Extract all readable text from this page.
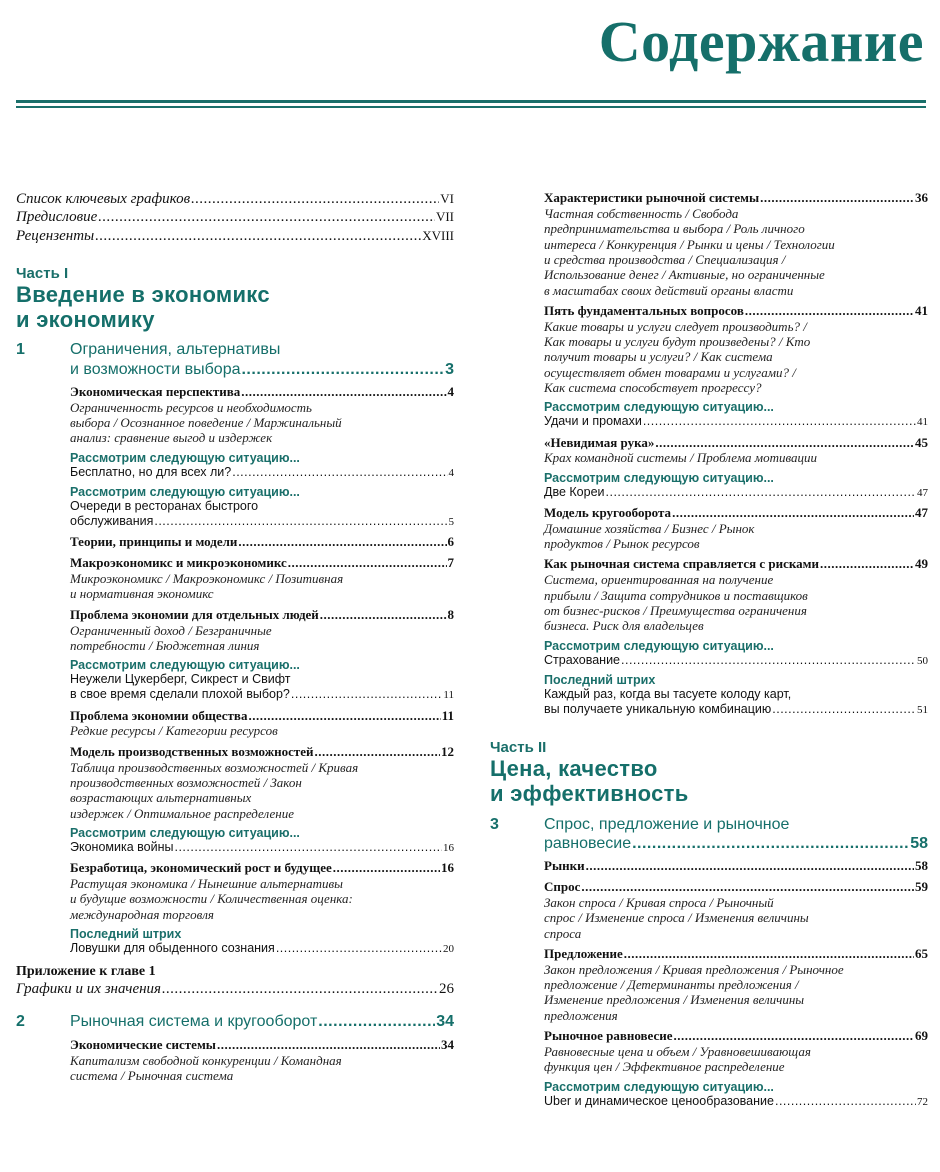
Содержание
Список ключевых графиков .....	VI
Предисловие .....	VII
Рецензенты .....	XVIII
Часть I
Введение в экономикс
и экономику
1	Ограничения, альтернативы
и возможности выбора .....	3
Экономическая перспектива .....	4
Ограниченность ресурсов и необходимость
выбора / Осознанное поведение / Маржинальный
анализ: сравнение выгод и издержек
Рассмотрим следующую ситуацию...
Бесплатно, но для всех ли? .....	4
Рассмотрим следующую ситуацию...
Очереди в ресторанах быстрого
обслуживания .....	5
Теории, принципы и модели .....	6
Макроэкономикс и микроэкономикс .....	7
Микроэкономикс / Макроэкономикс / Позитивная
и нормативная экономикс
Проблема экономии для отдельных людей .....	8
Ограниченный доход / Безграничные
потребности / Бюджетная линия
Рассмотрим следующую ситуацию...
Неужели Цукерберг, Сикрест и Свифт
в свое время сделали плохой выбор? .....	11
Проблема экономии общества .....	11
Редкие ресурсы / Категории ресурсов
Модель производственных возможностей .....	12
Таблица производственных возможностей / Кривая
производственных возможностей / Закон
возрастающих альтернативных
издержек / Оптимальное распределение
Рассмотрим следующую ситуацию...
Экономика войны .....	16
Безработица, экономический рост и будущее .....	16
Растущая экономика / Нынешние альтернативы
и будущие возможности / Количественная оценка:
международная торговля
Последний штрих
Ловушки для обыденного сознания .....	20
Приложение к главе 1
Графики и их значения .....	26
2	Рыночная система и кругооборот .....	34
Экономические системы .....	34
Капитализм свободной конкуренции / Командная
система / Рыночная система
Характеристики рыночной системы .....	36
Частная собственность / Свобода
предпринимательства и выбора / Роль личного
интереса / Конкуренция / Рынки и цены / Технологии
и средства производства / Специализация /
Использование денег / Активные, но ограниченные
в масштабах своих действий органы власти
Пять фундаментальных вопросов .....	41
Какие товары и услуги следует производить? /
Как товары и услуги будут произведены? / Кто
получит товары и услуги? / Как система
осуществляет обмен товарами и услугами? /
Как система способствует прогрессу?
Рассмотрим следующую ситуацию...
Удачи и промахи .....	41
«Невидимая рука» .....	45
Крах командной системы / Проблема мотивации
Рассмотрим следующую ситуацию...
Две Кореи .....	47
Модель кругооборота .....	47
Домашние хозяйства / Бизнес / Рынок
продуктов / Рынок ресурсов
Как рыночная система справляется с рисками .....	49
Система, ориентированная на получение
прибыли / Защита сотрудников и поставщиков
от бизнес-рисков / Преимущества ограничения
бизнеса. Риск для владельцев
Рассмотрим следующую ситуацию...
Страхование .....	50
Последний штрих
Каждый раз, когда вы тасуете колоду карт,
вы получаете уникальную комбинацию .....	51
Часть II
Цена, качество
и эффективность
3	Спрос, предложение и рыночное
равновесие .....	58
Рынки .....	58
Спрос .....	59
Закон спроса / Кривая спроса / Рыночный
спрос / Изменение спроса / Изменения величины
спроса
Предложение .....	65
Закон предложения / Кривая предложения / Рыночное
предложение / Детерминанты предложения /
Изменение предложения / Изменения величины
предложения
Рыночное равновесие .....	69
Равновесные цена и объем / Уравновешивающая
функция цен / Эффективное распределение
Рассмотрим следующую ситуацию...
Uber и динамическое ценообразование .....	72
